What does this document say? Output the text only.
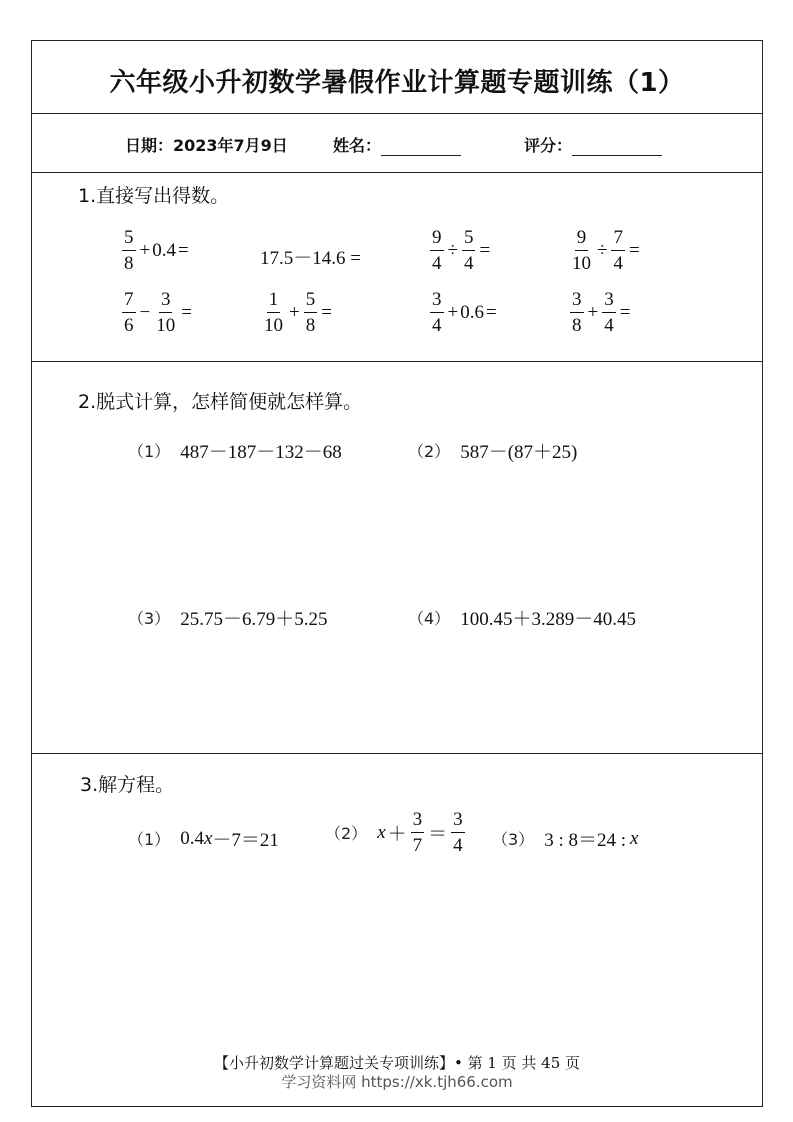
六年级小升初数学暑假作业计算题专题训练（1）
日期：2023年7月9日	姓名：	评分：
1.直接写出得数。
$\frac{5}{8} + 0.4$ =	17.5－14.6 =	$\frac{9}{4} \div \frac{5}{4}$ =	$\frac{9}{10} \div \frac{7}{4}$ =
$\frac{7}{6} - \frac{3}{10}$ =	$\frac{1}{10} + \frac{5}{8}$ =	$\frac{3}{4} + 0.6$ =	$\frac{3}{8} + \frac{3}{4}$ =
2.脱式计算，怎样简便就怎样算。
（1） 487－187－132－68	（2） 587－(87＋25)
（3） 25.75－6.79＋5.25	（4） 100.45＋3.289－40.45
3.解方程。
（1） 0.4 x －7＝21	（2） $x + \frac{3}{7} = \frac{3}{4} (3)$ 3 : 8＝24 : x
【小升初数学计算题过关专项训练】• 第 1 页 共 45 页
学习资料网 https://xk.tjh66.com
